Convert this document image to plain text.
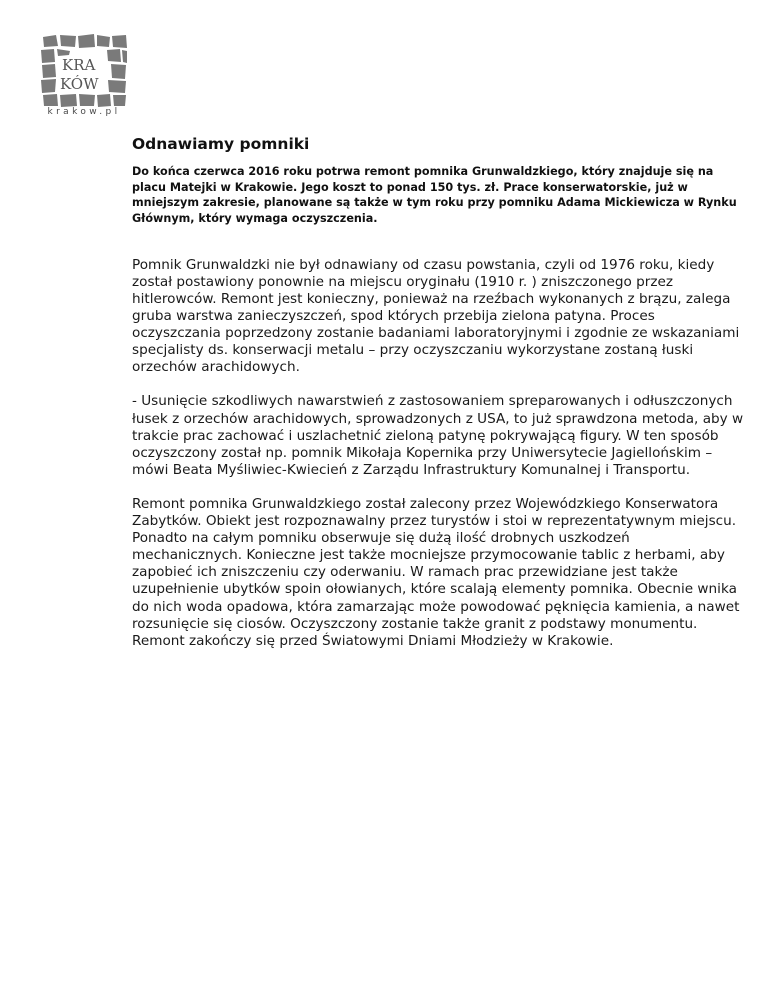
KRA
KÓW
krakow.pl
Odnawiamy pomniki

Do końca czerwca 2016 roku potrwa remont pomnika Grunwaldzkiego, który znajduje się na placu Matejki w Krakowie. Jego koszt to ponad 150 tys. zł. Prace konserwatorskie, już w mniejszym zakresie, planowane są także w tym roku przy pomniku Adama Mickiewicza w Rynku Głównym, który wymaga oczyszczenia.

Pomnik Grunwaldzki nie był odnawiany od czasu powstania, czyli od 1976 roku, kiedy został postawiony ponownie na miejscu oryginału (1910 r. ) zniszczonego przez hitlerowców. Remont jest konieczny, ponieważ na rzeźbach wykonanych z brązu, zalega gruba warstwa zanieczyszczeń, spod których przebija zielona patyna. Proces oczyszczania poprzedzony zostanie badaniami laboratoryjnymi i zgodnie ze wskazaniami specjalisty ds. konserwacji metalu – przy oczyszczaniu wykorzystane zostaną łuski orzechów arachidowych.

- Usunięcie szkodliwych nawarstwień z zastosowaniem spreparowanych i odłuszczonych łusek z orzechów arachidowych, sprowadzonych z USA, to już sprawdzona metoda, aby w trakcie prac zachować i uszlachetnić zieloną patynę pokrywającą figury. W ten sposób oczyszczony został np. pomnik Mikołaja Kopernika przy Uniwersytecie Jagiellońskim – mówi Beata Myśliwiec-Kwiecień z Zarządu Infrastruktury Komunalnej i Transportu.

Remont pomnika Grunwaldzkiego został zalecony przez Wojewódzkiego Konserwatora Zabytków. Obiekt jest rozpoznawalny przez turystów i stoi w reprezentatywnym miejscu. Ponadto na całym pomniku obserwuje się dużą ilość drobnych uszkodzeń mechanicznych. Konieczne jest także mocniejsze przymocowanie tablic z herbami, aby zapobieć ich zniszczeniu czy oderwaniu. W ramach prac przewidziane jest także uzupełnienie ubytków spoin ołowianych, które scalają elementy pomnika. Obecnie wnika do nich woda opadowa, która zamarzając może powodować pęknięcia kamienia, a nawet rozsunięcie się ciosów. Oczyszczony zostanie także granit z podstawy monumentu. Remont zakończy się przed Światowymi Dniami Młodzieży w Krakowie.
